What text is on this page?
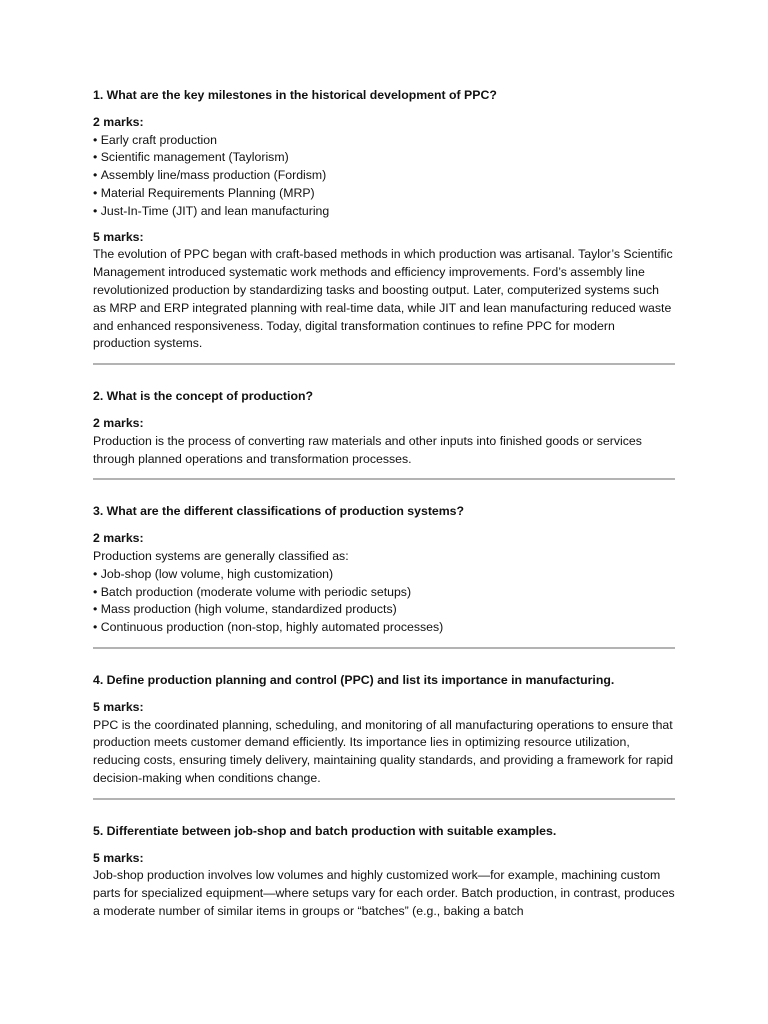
1. What are the key milestones in the historical development of PPC?

2 marks:

• Early craft production
• Scientific management (Taylorism)
• Assembly line/mass production (Fordism)
• Material Requirements Planning (MRP)
• Just-In-Time (JIT) and lean manufacturing

5 marks:

The evolution of PPC began with craft-based methods in which production was artisanal. Taylor’s Scientific Management introduced systematic work methods and efficiency improvements. Ford’s assembly line revolutionized production by standardizing tasks and boosting output. Later, computerized systems such as MRP and ERP integrated planning with real-time data, while JIT and lean manufacturing reduced waste and enhanced responsiveness. Today, digital transformation continues to refine PPC for modern production systems.

2. What is the concept of production?

2 marks:

Production is the process of converting raw materials and other inputs into finished goods or services through planned operations and transformation processes.

3. What are the different classifications of production systems?

2 marks:

Production systems are generally classified as:

• Job-shop (low volume, high customization)
• Batch production (moderate volume with periodic setups)
• Mass production (high volume, standardized products)
• Continuous production (non-stop, highly automated processes)

4. Define production planning and control (PPC) and list its importance in manufacturing.

5 marks:

PPC is the coordinated planning, scheduling, and monitoring of all manufacturing operations to ensure that production meets customer demand efficiently. Its importance lies in optimizing resource utilization, reducing costs, ensuring timely delivery, maintaining quality standards, and providing a framework for rapid decision-making when conditions change.

5. Differentiate between job-shop and batch production with suitable examples.

5 marks:

Job-shop production involves low volumes and highly customized work—for example, machining custom parts for specialized equipment—where setups vary for each order. Batch production, in contrast, produces a moderate number of similar items in groups or “batches” (e.g., baking a batch
